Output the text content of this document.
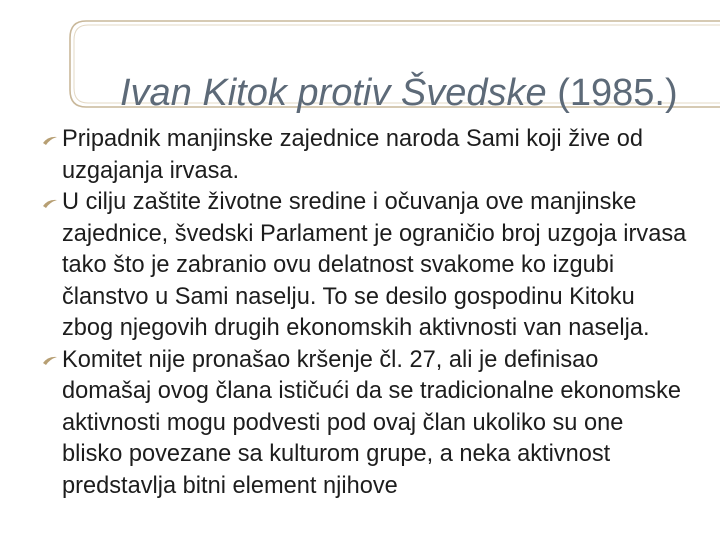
Ivan Kitok protiv Švedske (1985.)

Pripadnik manjinske zajednice naroda Sami koji žive od uzgajanja irvasa.

U cilju zaštite životne sredine i očuvanja ove manjinske zajednice, švedski Parlament je ograničio broj uzgoja irvasa tako što je zabranio ovu delatnost svakome ko izgubi članstvo u Sami naselju. To se desilo gospodinu Kitoku zbog njegovih drugih ekonomskih aktivnosti van naselja.

Komitet nije pronašao kršenje čl. 27, ali je definisao domašaj ovog člana ističući da se tradicionalne ekonomske aktivnosti mogu podvesti pod ovaj član ukoliko su one blisko povezane sa kulturom grupe, a neka aktivnost predstavlja bitni element njihove
